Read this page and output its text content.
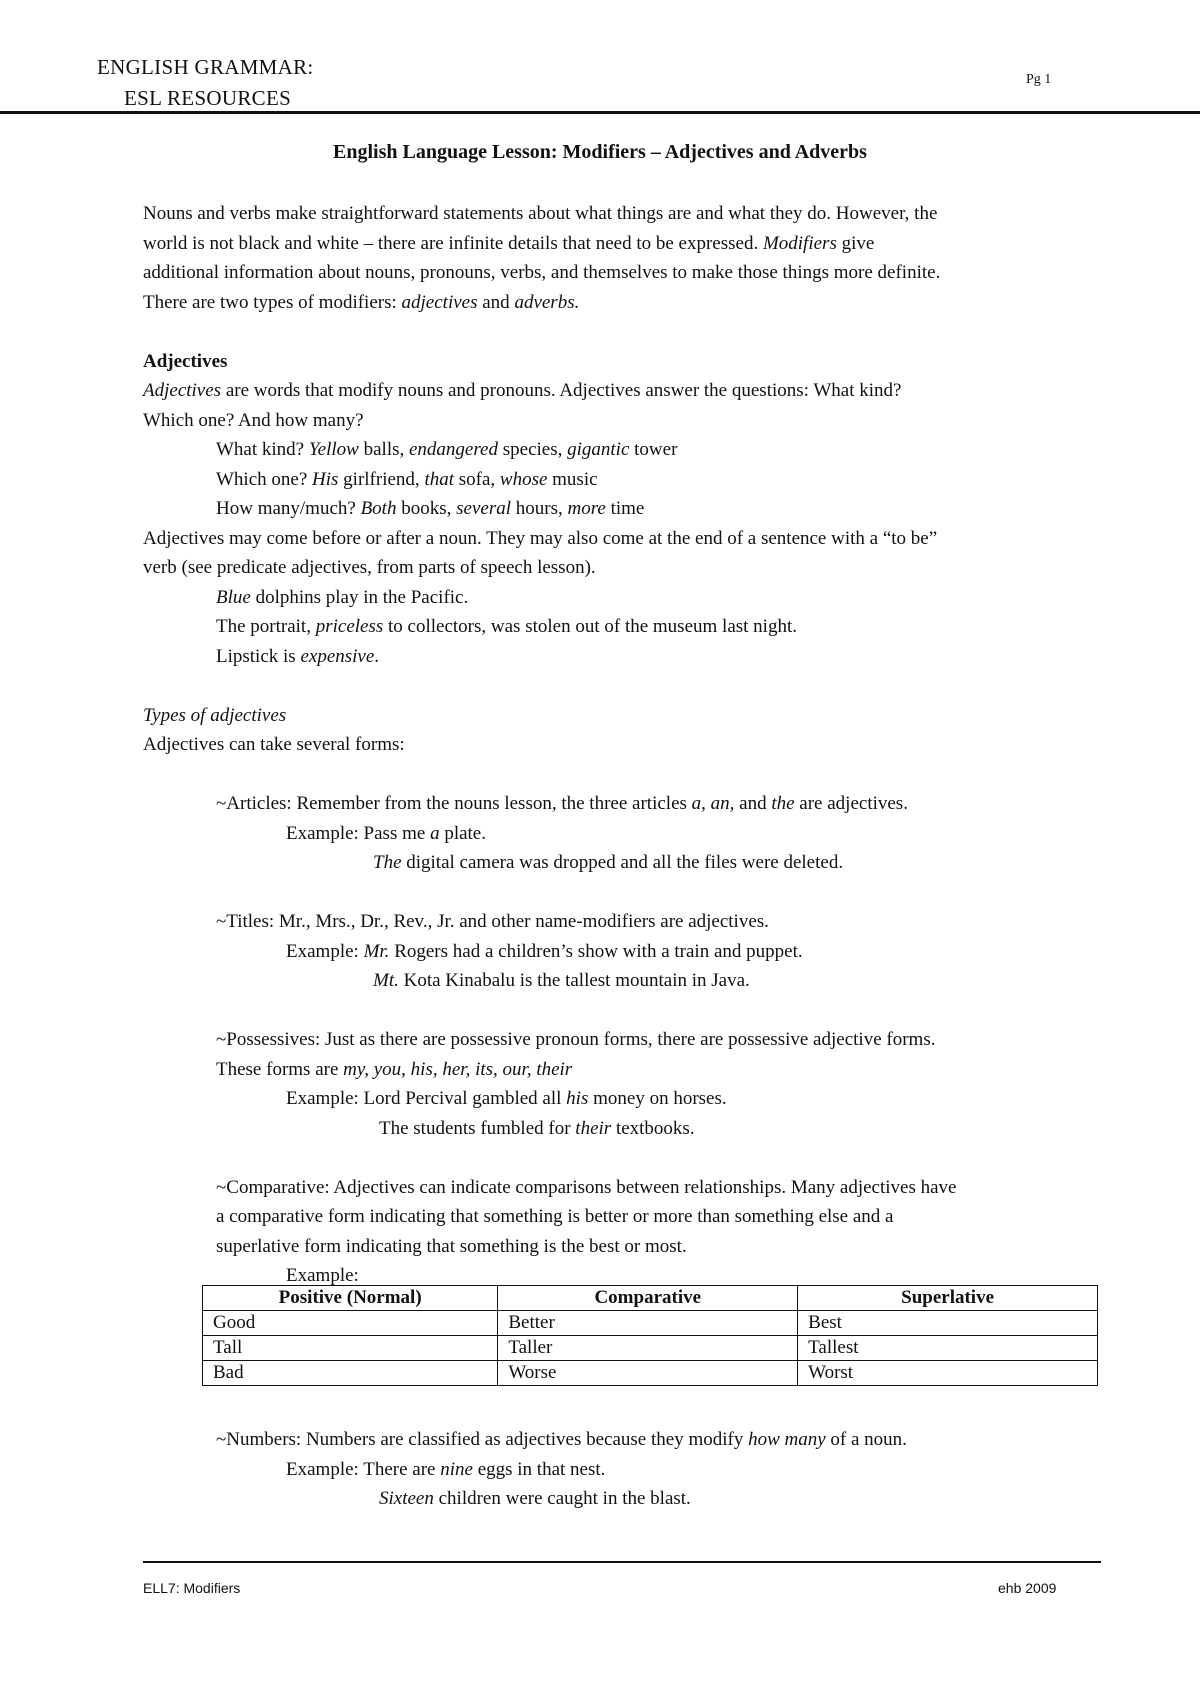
ENGLISH GRAMMAR:
ESL RESOURCES
Pg 1
English Language Lesson: Modifiers – Adjectives and Adverbs

Nouns and verbs make straightforward statements about what things are and what they do. However, the

world is not black and white – there are infinite details that need to be expressed. Modifiers give

additional information about nouns, pronouns, verbs, and themselves to make those things more definite.

There are two types of modifiers: adjectives and adverbs.

Adjectives

Adjectives are words that modify nouns and pronouns. Adjectives answer the questions: What kind?

Which one? And how many?

What kind? Yellow balls, endangered species, gigantic tower

Which one? His girlfriend, that sofa, whose music

How many/much? Both books, several hours, more time

Adjectives may come before or after a noun. They may also come at the end of a sentence with a “to be”

verb (see predicate adjectives, from parts of speech lesson).

Blue dolphins play in the Pacific.

The portrait, priceless to collectors, was stolen out of the museum last night.

Lipstick is expensive.

Types of adjectives

Adjectives can take several forms:

~Articles: Remember from the nouns lesson, the three articles a, an, and the are adjectives.

Example: Pass me a plate.

The digital camera was dropped and all the files were deleted.

~Titles: Mr., Mrs., Dr., Rev., Jr. and other name-modifiers are adjectives.

Example: Mr. Rogers had a children’s show with a train and puppet.

Mt. Kota Kinabalu is the tallest mountain in Java.

~Possessives: Just as there are possessive pronoun forms, there are possessive adjective forms.

These forms are my, you, his, her, its, our, their

Example: Lord Percival gambled all his money on horses.

The students fumbled for their textbooks.

~Comparative: Adjectives can indicate comparisons between relationships. Many adjectives have

a comparative form indicating that something is better or more than something else and a

superlative form indicating that something is the best or most.

Example:

Positive (Normal)	Comparative	Superlative
Good	Better	Best
Tall	Taller	Tallest
Bad	Worse	Worst

~Numbers: Numbers are classified as adjectives because they modify how many of a noun.

Example: There are nine eggs in that nest.

Sixteen children were caught in the blast.

ELL7: Modifiers	ehb 2009
